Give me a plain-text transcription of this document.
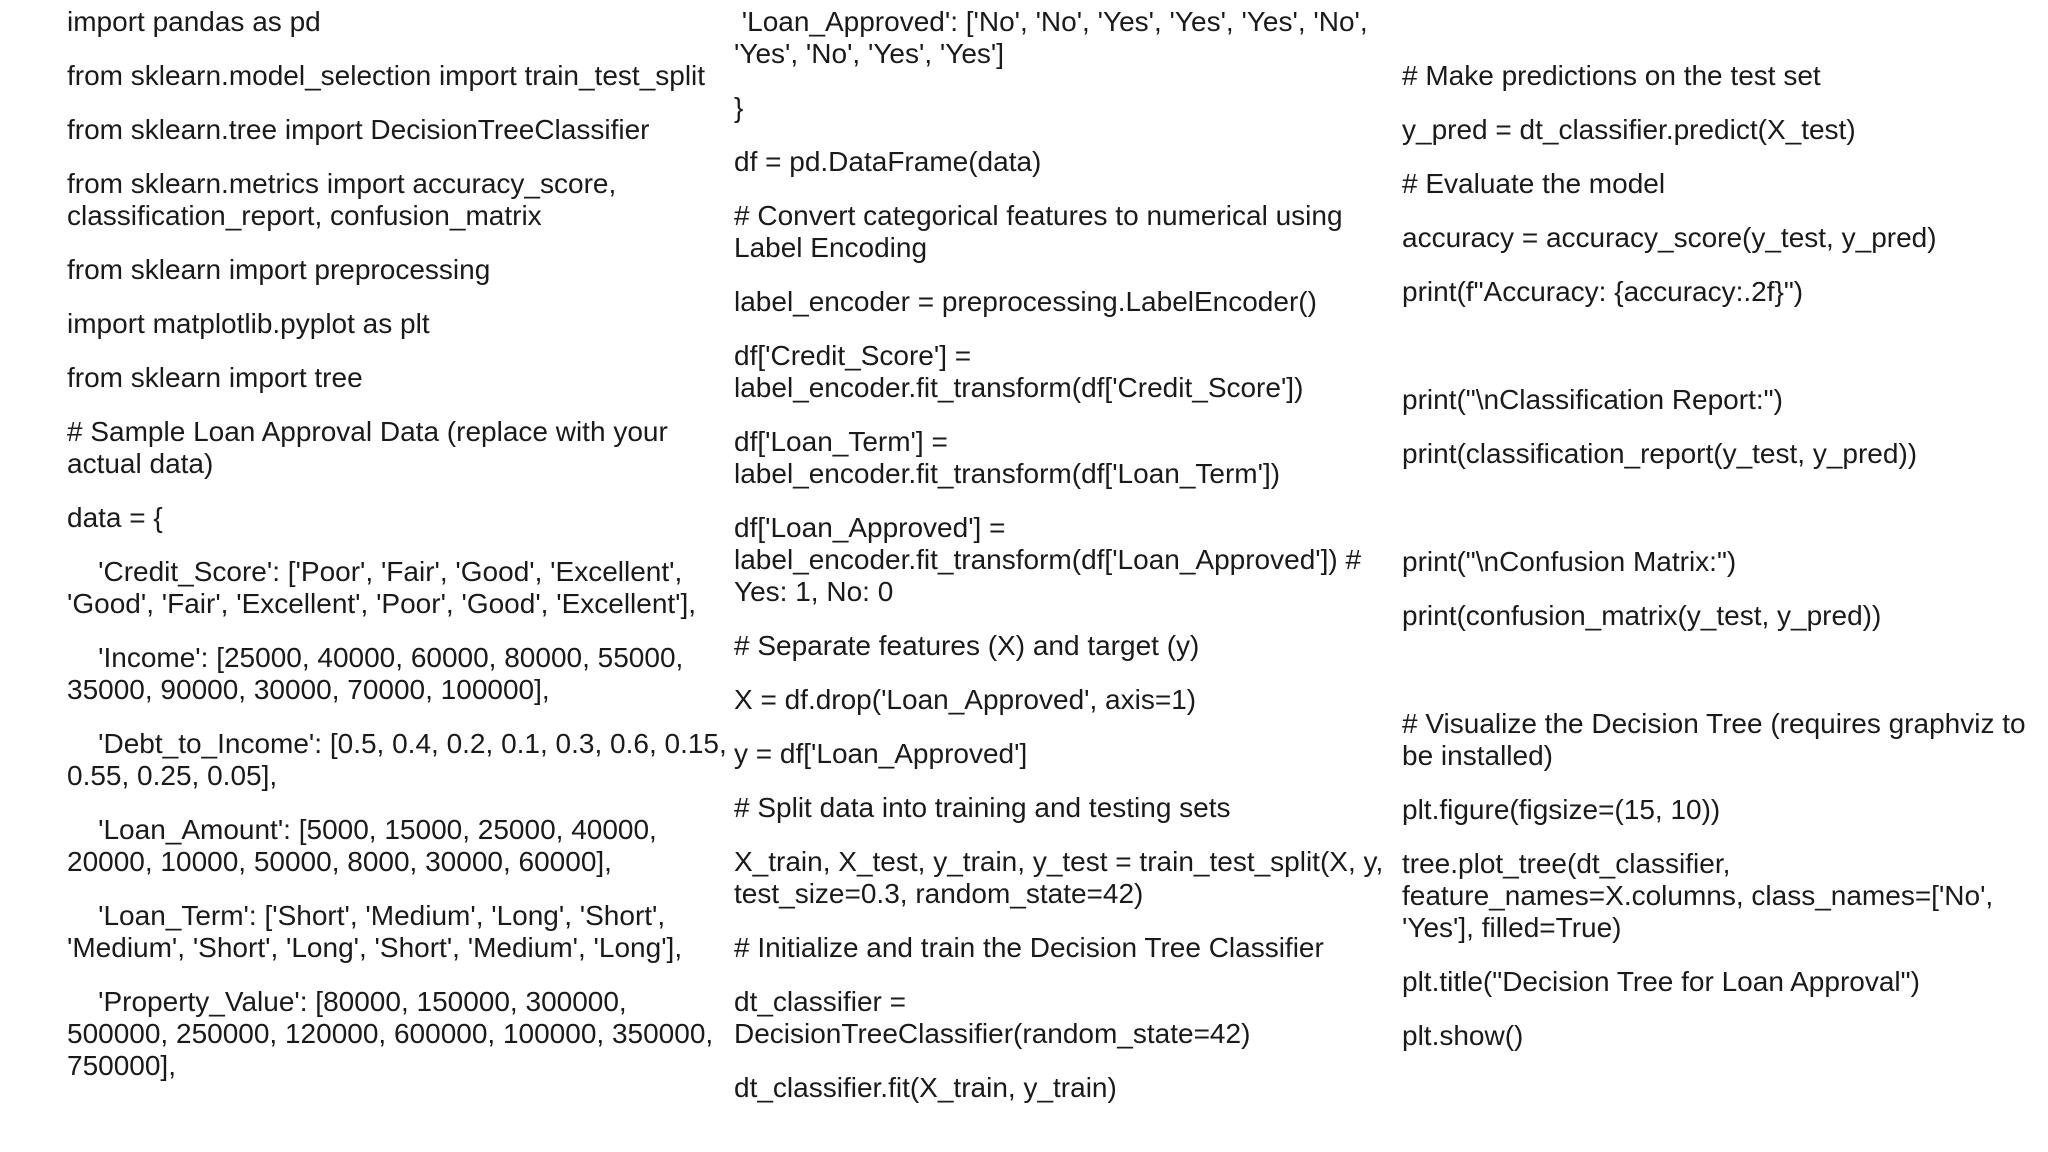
import pandas as pd
from sklearn.model_selection import train_test_split
from sklearn.tree import DecisionTreeClassifier
from sklearn.metrics import accuracy_score, classification_report, confusion_matrix
from sklearn import preprocessing
import matplotlib.pyplot as plt
from sklearn import tree
# Sample Loan Approval Data (replace with your actual data)
data = {
'Credit_Score': ['Poor', 'Fair', 'Good', 'Excellent', 'Good', 'Fair', 'Excellent', 'Poor', 'Good', 'Excellent'],
'Income': [25000, 40000, 60000, 80000, 55000, 35000, 90000, 30000, 70000, 100000],
'Debt_to_Income': [0.5, 0.4, 0.2, 0.1, 0.3, 0.6, 0.15, 0.55, 0.25, 0.05],
'Loan_Amount': [5000, 15000, 25000, 40000, 20000, 10000, 50000, 8000, 30000, 60000],
'Loan_Term': ['Short', 'Medium', 'Long', 'Short', 'Medium', 'Short', 'Long', 'Short', 'Medium', 'Long'],
'Property_Value': [80000, 150000, 300000, 500000, 250000, 120000, 600000, 100000, 350000, 750000],
'Loan_Approved': ['No', 'No', 'Yes', 'Yes', 'Yes', 'No', 'Yes', 'No', 'Yes', 'Yes']
}
df = pd.DataFrame(data)
# Convert categorical features to numerical using Label Encoding
label_encoder = preprocessing.LabelEncoder()
df['Credit_Score'] = label_encoder.fit_transform(df['Credit_Score'])
df['Loan_Term'] = label_encoder.fit_transform(df['Loan_Term'])
df['Loan_Approved'] = label_encoder.fit_transform(df['Loan_Approved']) # Yes: 1, No: 0
# Separate features (X) and target (y)
X = df.drop('Loan_Approved', axis=1)
y = df['Loan_Approved']
# Split data into training and testing sets
X_train, X_test, y_train, y_test = train_test_split(X, y, test_size=0.3, random_state=42)
# Initialize and train the Decision Tree Classifier
dt_classifier = DecisionTreeClassifier(random_state=42)
dt_classifier.fit(X_train, y_train)
# Make predictions on the test set
y_pred = dt_classifier.predict(X_test)
# Evaluate the model
accuracy = accuracy_score(y_test, y_pred)
print(f"Accuracy: {accuracy:.2f}")
print("\nClassification Report:")
print(classification_report(y_test, y_pred))
print("\nConfusion Matrix:")
print(confusion_matrix(y_test, y_pred))
# Visualize the Decision Tree (requires graphviz to be installed)
plt.figure(figsize=(15, 10))
tree.plot_tree(dt_classifier, feature_names=X.columns, class_names=['No', 'Yes'], filled=True)
plt.title("Decision Tree for Loan Approval")
plt.show()
